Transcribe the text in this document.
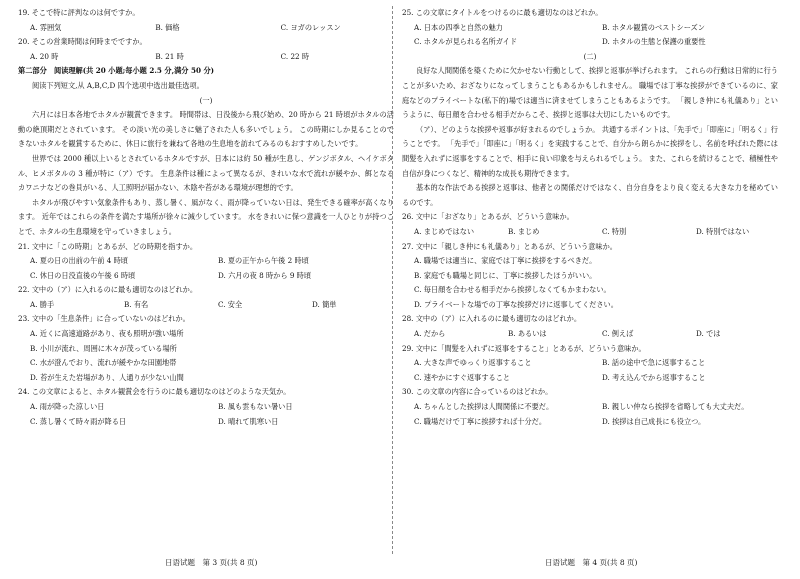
19. そこで特に評判なのは何ですか。
A. 雰囲気	B. 価格	C. ヨガのレッスン
20. そこの営業時間は何時までですか。
A. 20 時	B. 21 時	C. 22 時
第二部分　阅读理解(共 20 小题;每小题 2.5 分,满分 50 分)
阅读下列短文,从 A,B,C,D 四个选项中选出最佳选项。
(一)
六月には日本各地でホタルが観賞できます。 時間帯は、日没後から飛び始め、20 時から 21 時頃がホタルの活動の絶頂期だとされています。 その淡い光の美しさに魅了された人も多いでしょう。 この時期にしか見ることのできないホタルを観賞するために、休日に旅行を兼ねて各地の生息地を訪れてみるのもおすすめしたいです。
世界では 2000 種以上いるとされているホタルですが、日本には約 50 種が生息し、ゲンジボタル、ヘイケボタル、ヒメボタルの 3 種が特に（ア）です。 生息条件は種によって異なるが、きれいな水で流れが緩やか、餌となるカワニナなどの巻貝がいる、人工照明が届かない、木陰や苔がある環境が理想的です。
ホタルが飛びやすい気象条件もあり、蒸し暑く、風がなく、雨が降っていない日は、発生できる確率が高くなります。 近年ではこれらの条件を満たす場所が徐々に減少しています。 水をきれいに保つ意識を一人ひとりが持つことで、ホタルの生息環境を守っていきましょう。
21. 文中に「この時期」とあるが、どの時期を指すか。
A. 夏の日の出前の午前 4 時頃	B. 夏の正午から午後 2 時頃
C. 休日の日没直後の午後 6 時頃	D. 六月の夜 8 時から 9 時頃
22. 文中の（ア）に入れるのに最も適切なのはどれか。
A. 勝手	B. 有名	C. 安全	D. 簡単
23. 文中の「生息条件」に合っていないのはどれか。
A. 近くに高速道路があり、夜も照明が強い場所
B. 小川が流れ、周囲に木々が茂っている場所
C. 水が澄んでおり、流れが緩やかな田園地帯
D. 苔が生えた岩場があり、人通りが少ない山間
24. この文章によると、ホタル観賞会を行うのに最も適切なのはどのような天気か。
A. 雨が降った涼しい日	B. 風も雲もない暑い日
C. 蒸し暑くて時々雨が降る日	D. 晴れて肌寒い日
25. この文章にタイトルをつけるのに最も適切なのはどれか。
A. 日本の四季と自然の魅力	B. ホタル観賞のベストシーズン
C. ホタルが見られる名所ガイド	D. ホタルの生態と保護の重要性
(二)
良好な人間関係を築くために欠かせない行動として、挨拶と返事が挙げられます。 これらの行動は日常的に行うことが多いため、おざなりになってしまうこともあるかもしれません。 職場では丁寧な挨拶ができているのに、家庭などのプライベートな(私下的)場では適当に済ませてしまうこともあるようです。 「親しき仲にも礼儀あり」というように、毎日顔を合わせる相手だからこそ、挨拶と返事は大切にしたいものです。
（ア）、どのような挨拶や返事が好まれるのでしょうか。 共通するポイントは、「先手で」「即座に」「明るく」行うことです。 「先手で」「即座に」「明るく」を実践することで、自分から朗らかに挨拶をし、名前を呼ばれた際には間髪を入れずに返事をすることで、相手に良い印象を与えられるでしょう。 また、これらを続けることで、積極性や自信が身につくなど、精神的な成長も期待できます。
基本的な作法である挨拶と返事は、他者との関係だけではなく、自分自身をより良く変える大きな力を秘めているのです。
26. 文中に「おざなり」とあるが、どういう意味か。
A. まじめではない	B. まじめ	C. 特別	D. 特別ではない
27. 文中に「親しき仲にも礼儀あり」とあるが、どういう意味か。
A. 職場では適当に、家庭では丁寧に挨拶をするべきだ。
B. 家庭でも職場と同じに、丁寧に挨拶したほうがいい。
C. 毎日顔を合わせる相手だから挨拶しなくてもかまわない。
D. プライベートな場での丁寧な挨拶だけに返事してください。
28. 文中の（ア）に入れるのに最も適切なのはどれか。
A. だから	B. あるいは	C. 例えば	D. では
29. 文中に「間髪を入れずに返事をすること」とあるが、どういう意味か。
A. 大きな声でゆっくり返事すること	B. 話の途中で急に返事すること
C. 速やかにすぐ返事すること	D. 考え込んでから返事すること
30. この文章の内容に合っているのはどれか。
A. ちゃんとした挨拶は人間関係に不要だ。	B. 親しい仲なら挨拶を省略しても大丈夫だ。
C. 職場だけで丁寧に挨拶すれば十分だ。	D. 挨拶は自己成長にも役立つ。
日语试题　第 3 页(共 8 页)	日语试题　第 4 页(共 8 页)
